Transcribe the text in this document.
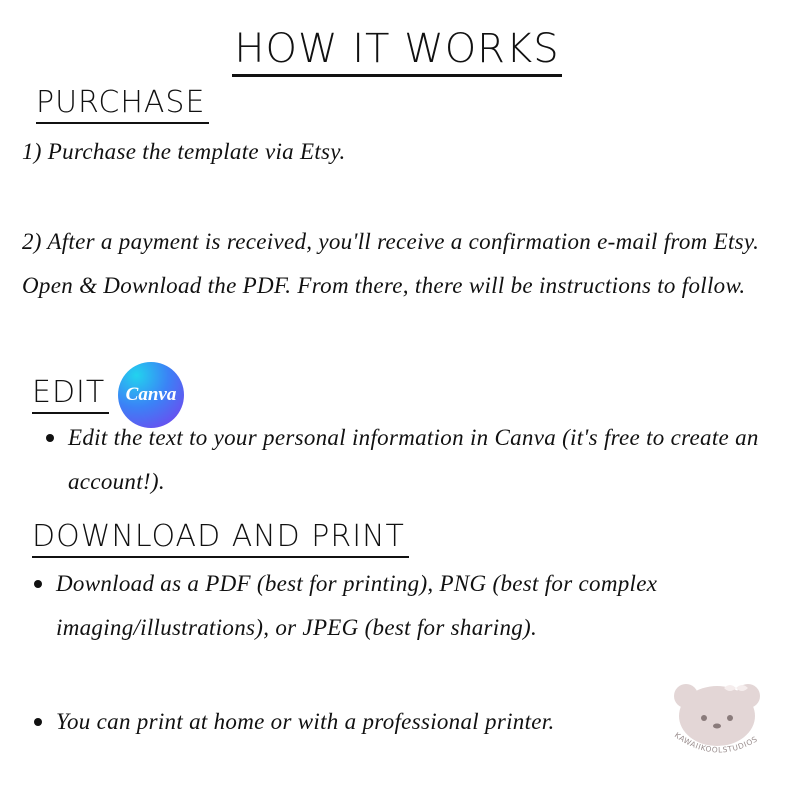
HOW IT WORKS
PURCHASE
1) Purchase the template via Etsy.
2) After a payment is received, you'll receive a confirmation e-mail from Etsy. Open & Download the PDF. From there, there will be instructions to follow.
EDIT Canva
Edit the text to your personal information in Canva (it's free to create an account!).
DOWNLOAD AND PRINT
Download as a PDF (best for printing), PNG (best for complex imaging/illustrations), or JPEG (best for sharing).
You can print at home or with a professional printer.
KAWAIIKOOLSTUDIOS
